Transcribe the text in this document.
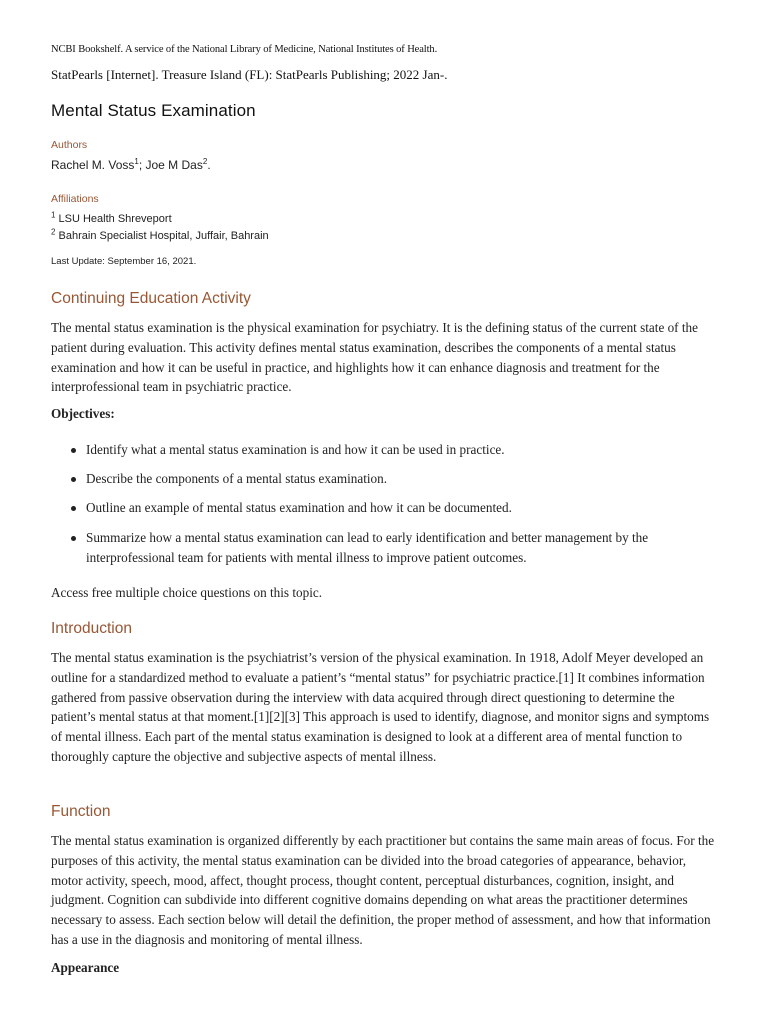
NCBI Bookshelf. A service of the National Library of Medicine, National Institutes of Health.
StatPearls [Internet]. Treasure Island (FL): StatPearls Publishing; 2022 Jan-.
Mental Status Examination
Authors
Rachel M. Voss$^1$; Joe M Das$^2$.
Affiliations
$^1$ LSU Health Shreveport
$^2$ Bahrain Specialist Hospital, Juffair, Bahrain
Last Update: September 16, 2021.
Continuing Education Activity

The mental status examination is the physical examination for psychiatry. It is the defining status of the current state of the patient during evaluation. This activity defines mental status examination, describes the components of a mental status examination and how it can be useful in practice, and highlights how it can enhance diagnosis and treatment for the interprofessional team in psychiatric practice.

Objectives:
Identify what a mental status examination is and how it can be used in practice.
Describe the components of a mental status examination.
Outline an example of mental status examination and how it can be documented.
Summarize how a mental status examination can lead to early identification and better management by the interprofessional team for patients with mental illness to improve patient outcomes.

Access free multiple choice questions on this topic.

Introduction

The mental status examination is the psychiatrist’s version of the physical examination. In 1918, Adolf Meyer developed an outline for a standardized method to evaluate a patient’s “mental status” for psychiatric practice.[1] It combines information gathered from passive observation during the interview with data acquired through direct questioning to determine the patient’s mental status at that moment.[1][2][3] This approach is used to identify, diagnose, and monitor signs and symptoms of mental illness. Each part of the mental status examination is designed to look at a different area of mental function to thoroughly capture the objective and subjective aspects of mental illness.

Function

The mental status examination is organized differently by each practitioner but contains the same main areas of focus. For the purposes of this activity, the mental status examination can be divided into the broad categories of appearance, behavior, motor activity, speech, mood, affect, thought process, thought content, perceptual disturbances, cognition, insight, and judgment. Cognition can subdivide into different cognitive domains depending on what areas the practitioner determines necessary to assess. Each section below will detail the definition, the proper method of assessment, and how that information has a use in the diagnosis and monitoring of mental illness.

Appearance
